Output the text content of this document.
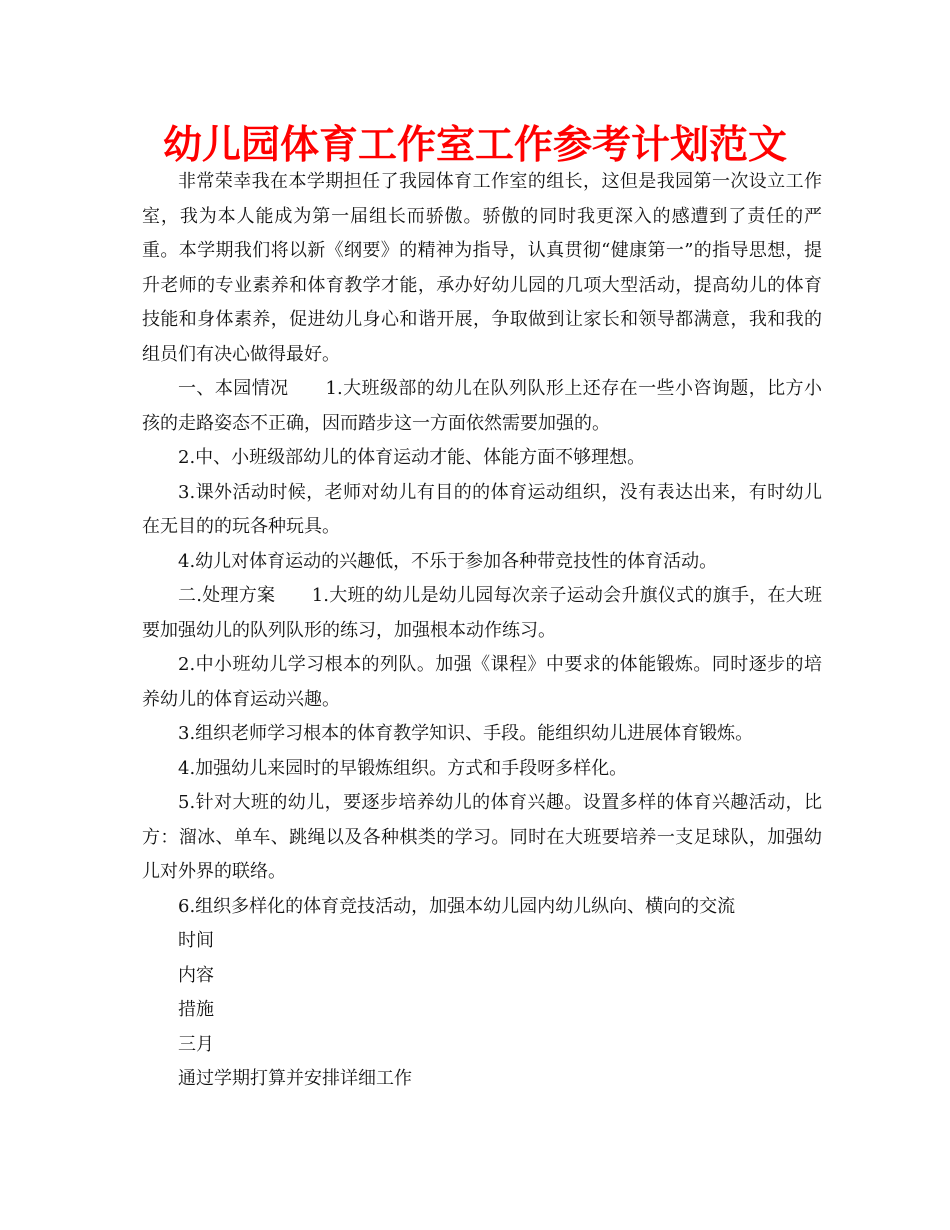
幼儿园体育工作室工作参考计划范文

非常荣幸我在本学期担任了我园体育工作室的组长，这但是我园第一次设立工作室，我为本人能成为第一届组长而骄傲。骄傲的同时我更深入的感遭到了责任的严重。本学期我们将以新《纲要》的精神为指导，认真贯彻“健康第一”的指导思想，提升老师的专业素养和体育教学才能，承办好幼儿园的几项大型活动，提高幼儿的体育技能和身体素养，促进幼儿身心和谐开展，争取做到让家长和领导都满意，我和我的组员们有决心做得最好。

一、本园情况　　1.大班级部的幼儿在队列队形上还存在一些小咨询题，比方小孩的走路姿态不正确，因而踏步这一方面依然需要加强的。

2.中、小班级部幼儿的体育运动才能、体能方面不够理想。

3.课外活动时候，老师对幼儿有目的的体育运动组织，没有表达出来，有时幼儿在无目的的玩各种玩具。

4.幼儿对体育运动的兴趣低，不乐于参加各种带竞技性的体育活动。

二.处理方案　　1.大班的幼儿是幼儿园每次亲子运动会升旗仪式的旗手，在大班要加强幼儿的队列队形的练习，加强根本动作练习。

2.中小班幼儿学习根本的列队。加强《课程》中要求的体能锻炼。同时逐步的培养幼儿的体育运动兴趣。

3.组织老师学习根本的体育教学知识、手段。能组织幼儿进展体育锻炼。

4.加强幼儿来园时的早锻炼组织。方式和手段呀多样化。

5.针对大班的幼儿，要逐步培养幼儿的体育兴趣。设置多样的体育兴趣活动，比方：溜冰、单车、跳绳以及各种棋类的学习。同时在大班要培养一支足球队，加强幼儿对外界的联络。

6.组织多样化的体育竞技活动，加强本幼儿园内幼儿纵向、横向的交流

时间

内容

措施

三月

通过学期打算并安排详细工作
